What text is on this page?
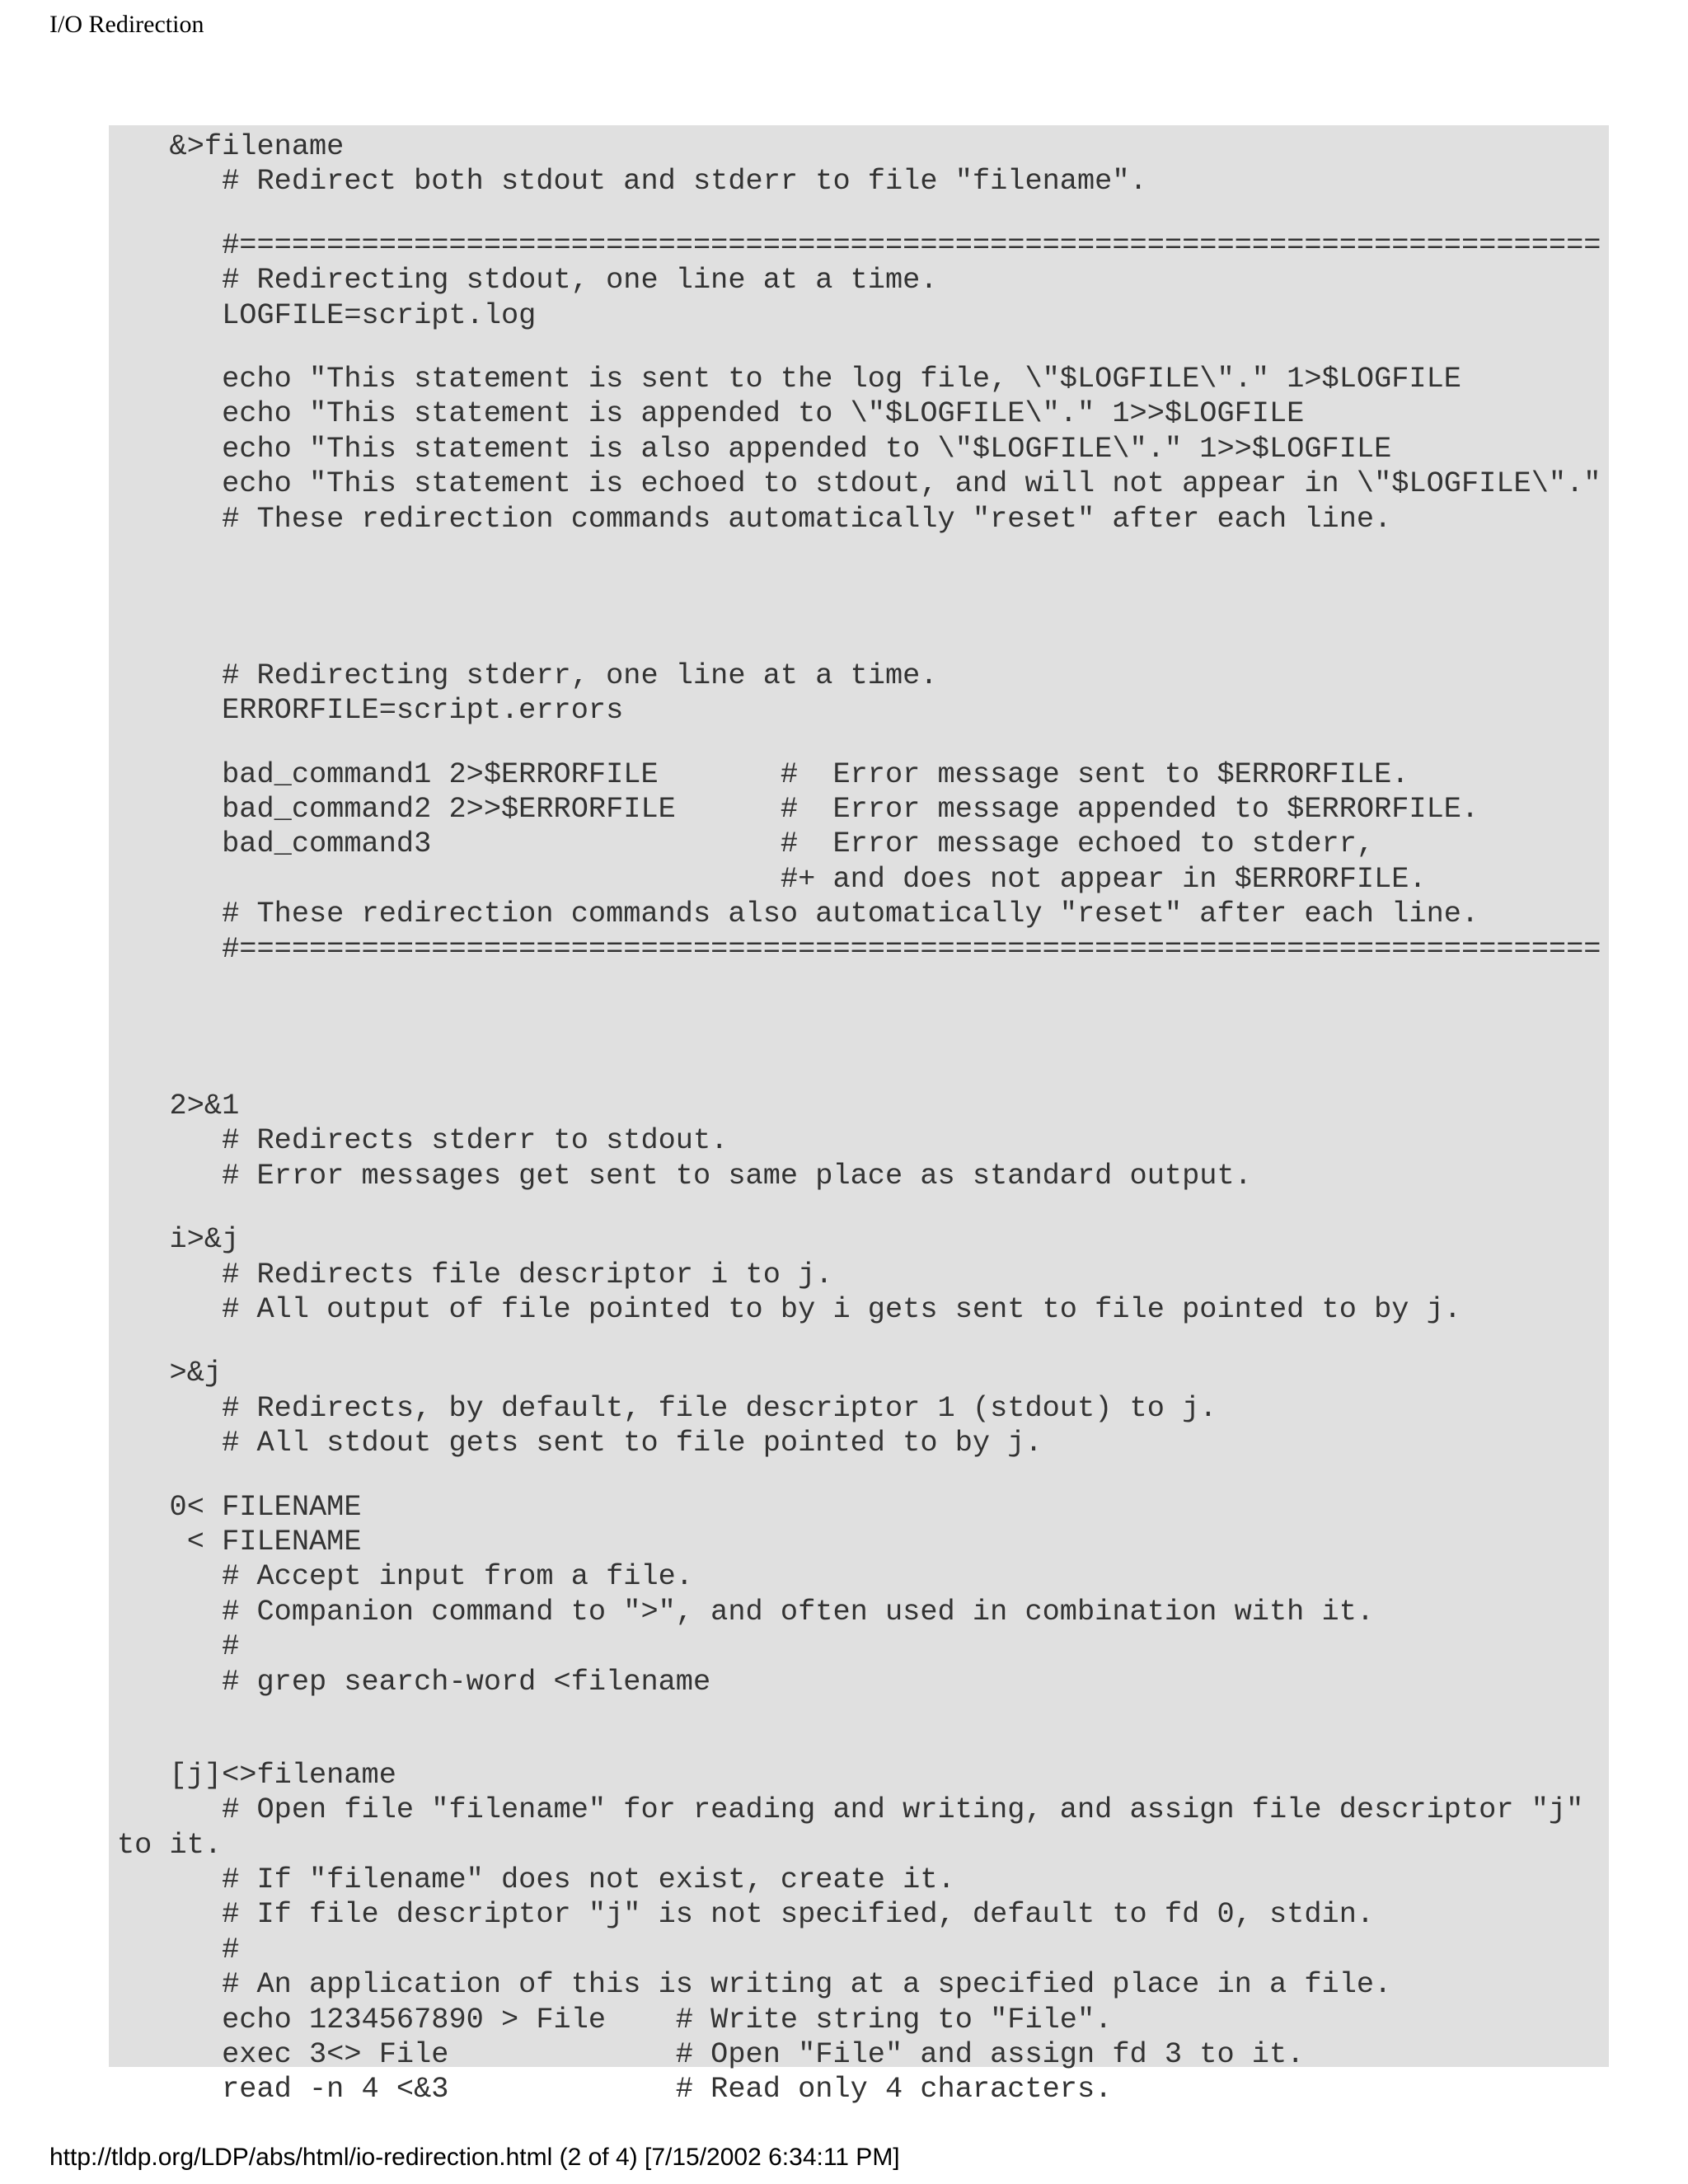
I/O Redirection
&>filename
# Redirect both stdout and stderr to file "filename".
#==============================================================================
# Redirecting stdout, one line at a time.
LOGFILE=script.log
echo "This statement is sent to the log file, \"$LOGFILE\"." 1>$LOGFILE
echo "This statement is appended to \"$LOGFILE\"." 1>>$LOGFILE
echo "This statement is also appended to \"$LOGFILE\"." 1>>$LOGFILE
echo "This statement is echoed to stdout, and will not appear in \"$LOGFILE\"."
# These redirection commands automatically "reset" after each line.
# Redirecting stderr, one line at a time.
ERRORFILE=script.errors
bad_command1 2>$ERRORFILE       #  Error message sent to $ERRORFILE.
bad_command2 2>>$ERRORFILE      #  Error message appended to $ERRORFILE.
bad_command3                    #  Error message echoed to stderr,
#+ and does not appear in $ERRORFILE.
# These redirection commands also automatically "reset" after each line.
#==============================================================================
2>&1
# Redirects stderr to stdout.
# Error messages get sent to same place as standard output.
i>&j
# Redirects file descriptor i to j.
# All output of file pointed to by i gets sent to file pointed to by j.
>&j
# Redirects, by default, file descriptor 1 (stdout) to j.
# All stdout gets sent to file pointed to by j.
0< FILENAME
< FILENAME
# Accept input from a file.
# Companion command to ">", and often used in combination with it.
#
# grep search-word <filename
[j]<>filename
# Open file "filename" for reading and writing, and assign file descriptor "j"
to it.
# If "filename" does not exist, create it.
# If file descriptor "j" is not specified, default to fd 0, stdin.
#
# An application of this is writing at a specified place in a file.
echo 1234567890 > File    # Write string to "File".
exec 3<> File             # Open "File" and assign fd 3 to it.
read -n 4 <&3             # Read only 4 characters.
http://tldp.org/LDP/abs/html/io-redirection.html (2 of 4) [7/15/2002 6:34:11 PM]
